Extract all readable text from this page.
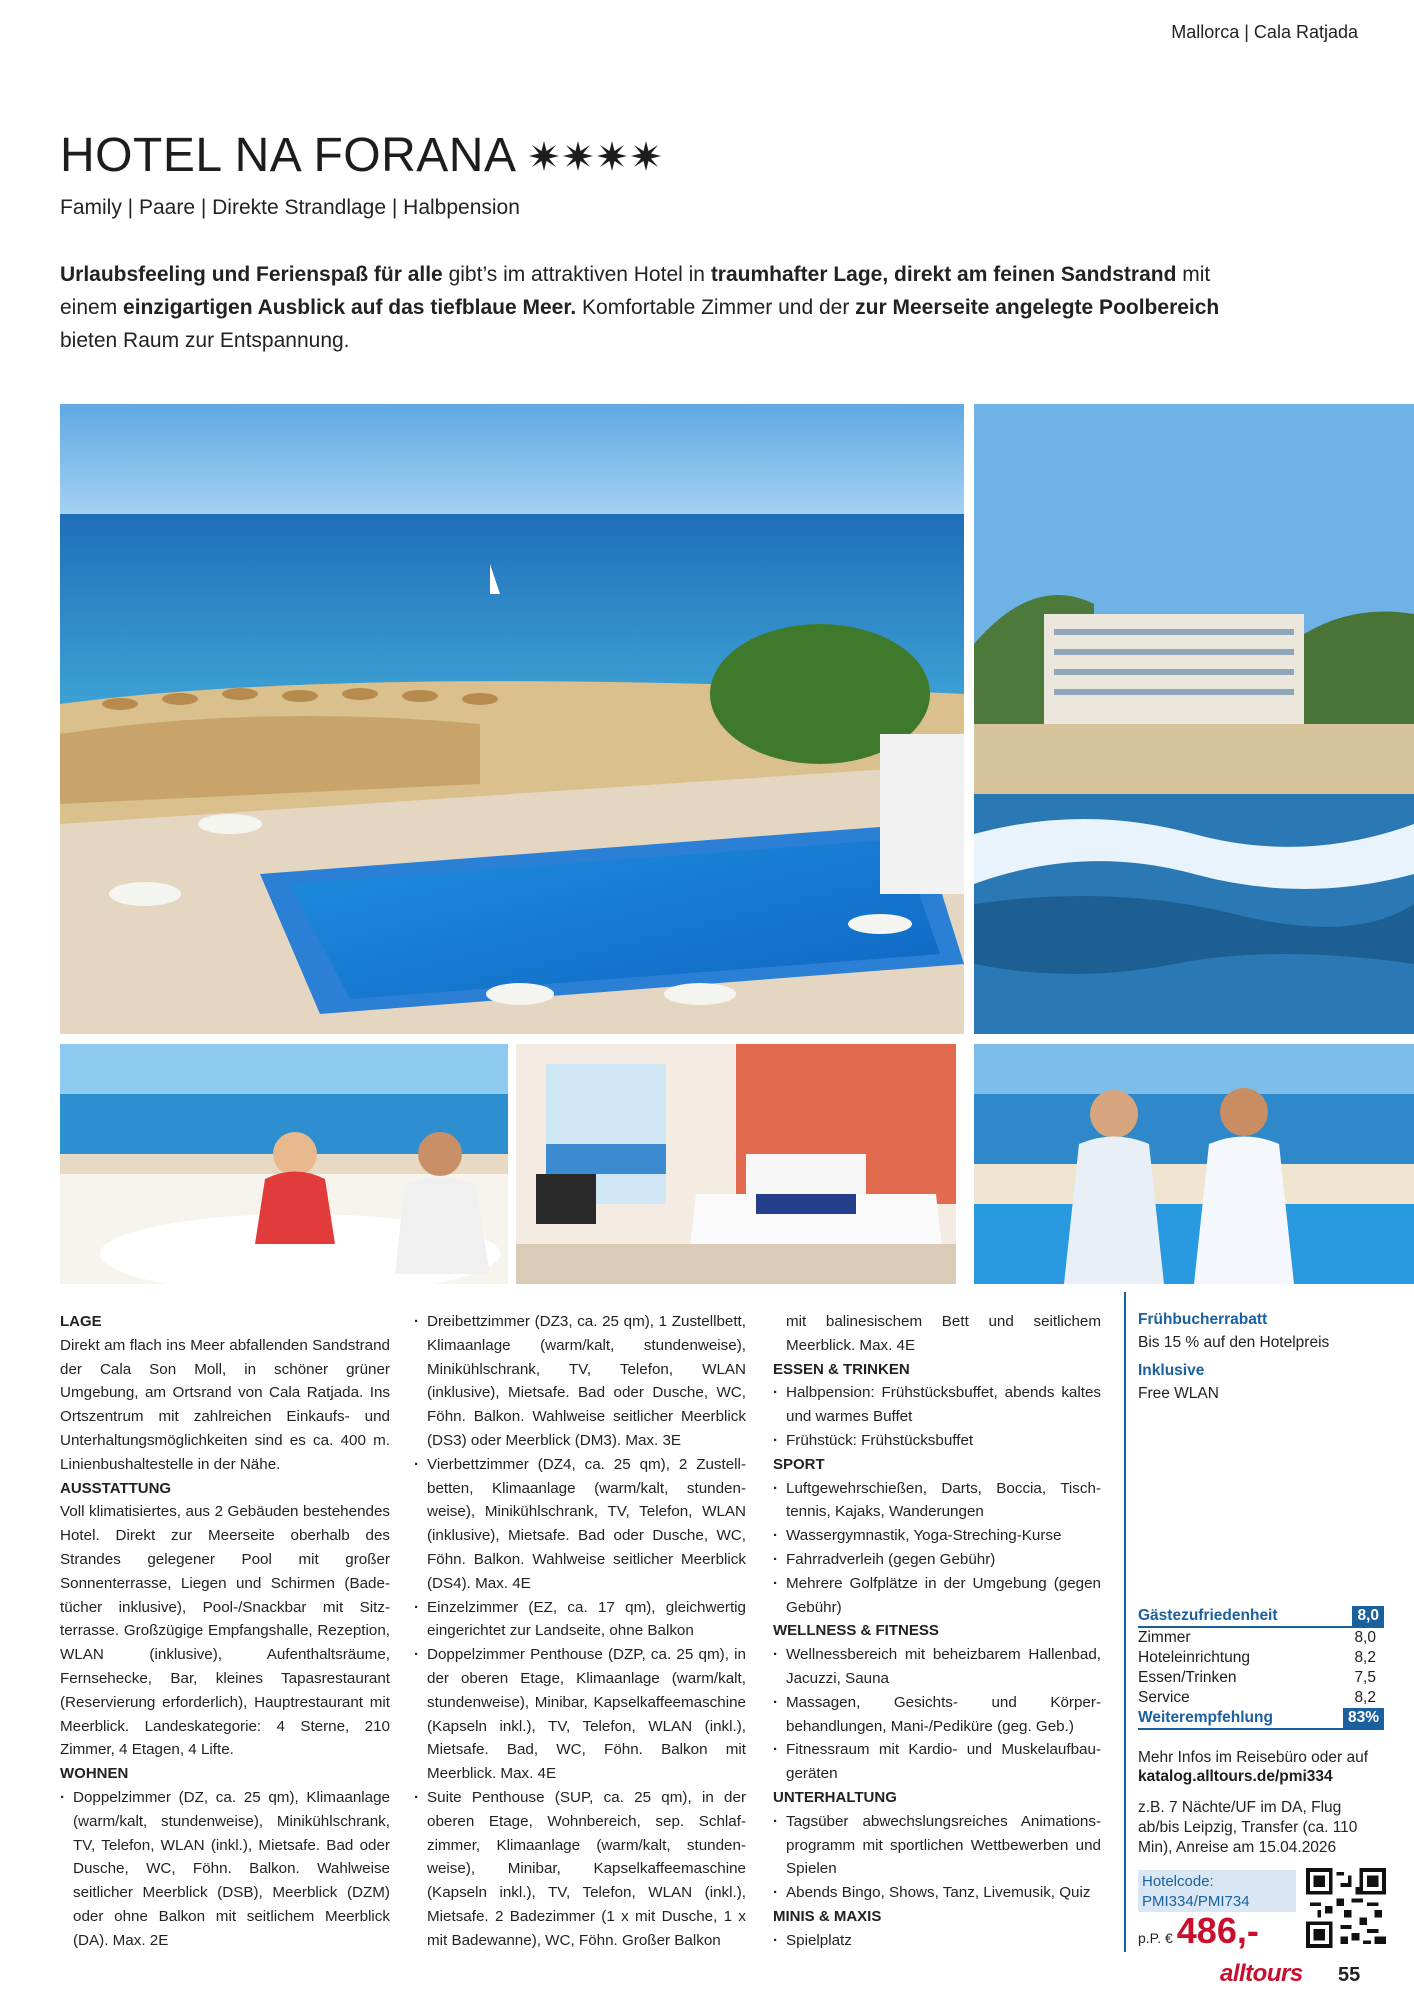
Mallorca | Cala Ratjada
HOTEL NA FORANA
Family | Paare | Direkte Strandlage | Halbpension
Urlaubsfeeling und Ferienspaß für alle gibt’s im attraktiven Hotel in traumhafter Lage, direkt am feinen Sandstrand mit einem einzigartigen Ausblick auf das tiefblaue Meer. Komfortable Zimmer und der zur Meerseite angelegte Poolbereich bieten Raum zur Entspannung.
LAGE

Direkt am flach ins Meer abfallenden Sandstrand der Cala Son Moll, in schöner grüner Umgebung, am Ortsrand von Cala Ratjada. Ins Ortszentrum mit zahlreichen Einkaufs- und Unterhaltungsmöglichkeiten sind es ca. 400 m. Linienbushaltestelle in der Nähe.

AUSSTATTUNG

Voll klimatisiertes, aus 2 Gebäuden bestehendes Hotel. Direkt zur Meerseite oberhalb des Strandes gelegener Pool mit großer Sonnenterrasse, Liegen und Schirmen (Badetücher inklusive), Pool-/Snackbar mit Sitzterrasse. Großzügige Empfangshalle, Rezeption, WLAN (inklusive), Aufenthaltsräume, Fernsehecke, Bar, kleines Tapasrestaurant (Reservierung erforderlich), Hauptrestaurant mit Meerblick. Landeskategorie: 4 Sterne, 210 Zimmer, 4 Etagen, 4 Lifte.

WOHNEN
· Doppelzimmer (DZ, ca. 25 qm), Klimaanlage (warm/kalt, stundenweise), Minikühlschrank, TV, Telefon, WLAN (inkl.), Mietsafe. Bad oder Dusche, WC, Föhn. Balkon. Wahlweise seitlicher Meerblick (DSB), Meerblick (DZM) oder ohne Balkon mit seitlichem Meerblick (DA). Max. 2E
· Dreibettzimmer (DZ3, ca. 25 qm), 1 Zustellbett, Klimaanlage (warm/kalt, stundenweise), Minikühlschrank, TV, Telefon, WLAN (inklusive), Mietsafe. Bad oder Dusche, WC, Föhn. Balkon. Wahlweise seitlicher Meerblick (DS3) oder Meerblick (DM3). Max. 3E
· Vierbettzimmer (DZ4, ca. 25 qm), 2 Zustellbetten, Klimaanlage (warm/kalt, stundenweise), Minikühlschrank, TV, Telefon, WLAN (inklusive), Mietsafe. Bad oder Dusche, WC, Föhn. Balkon. Wahlweise seitlicher Meerblick (DS4). Max. 4E
· Einzelzimmer (EZ, ca. 17 qm), gleichwertig eingerichtet zur Landseite, ohne Balkon
· Doppelzimmer Penthouse (DZP, ca. 25 qm), in der oberen Etage, Klimaanlage (warm/kalt, stundenweise), Minibar, Kapselkaffeemaschine (Kapseln inkl.), TV, Telefon, WLAN (inkl.), Mietsafe. Bad, WC, Föhn. Balkon mit Meerblick. Max. 4E
· Suite Penthouse (SUP, ca. 25 qm), in der oberen Etage, Wohnbereich, sep. Schlafzimmer, Klimaanlage (warm/kalt, stundenweise), Minibar, Kapselkaffeemaschine (Kapseln inkl.), TV, Telefon, WLAN (inkl.), Mietsafe. 2 Badezimmer (1 x mit Dusche, 1 x mit Badewanne), WC, Föhn. Großer Balkon

mit balinesischem Bett und seitlichem Meerblick. Max. 4E

ESSEN & TRINKEN
· Halbpension: Frühstücksbuffet, abends kaltes und warmes Buffet
· Frühstück: Frühstücksbuffet
SPORT
· Luftgewehrschießen, Darts, Boccia, Tischtennis, Kajaks, Wanderungen
· Wassergymnastik, Yoga-Streching-Kurse
· Fahrradverleih (gegen Gebühr)
· Mehrere Golfplätze in der Umgebung (gegen Gebühr)
WELLNESS & FITNESS
· Wellnessbereich mit beheizbarem Hallenbad, Jacuzzi, Sauna
· Massagen, Gesichts- und Körperbehandlungen, Mani-/Pediküre (geg. Geb.)
· Fitnessraum mit Kardio- und Muskelaufbaugeräten
UNTERHALTUNG
· Tagsüber abwechslungsreiches Animationsprogramm mit sportlichen Wettbewerben und Spielen
· Abends Bingo, Shows, Tanz, Livemusik, Quiz
MINIS & MAXIS
· Spielplatz
Frühbucherrabatt
Bis 15 % auf den Hotelpreis
Inklusive
Free WLAN
Gästezufriedenheit	8,0
Zimmer	8,0
Hoteleinrichtung	8,2
Essen/Trinken	7,5
Service	8,2
Weiterempfehlung	83%
Mehr Infos im Reisebüro oder auf
katalog.alltours.de/pmi334
z.B. 7 Nächte/UF im DA, Flug ab/bis Leipzig, Transfer (ca. 110 Min), Anreise am 15.04.2026
Hotelcode:
PMI334/PMI734
p.P. € 486,-
alltours 55
